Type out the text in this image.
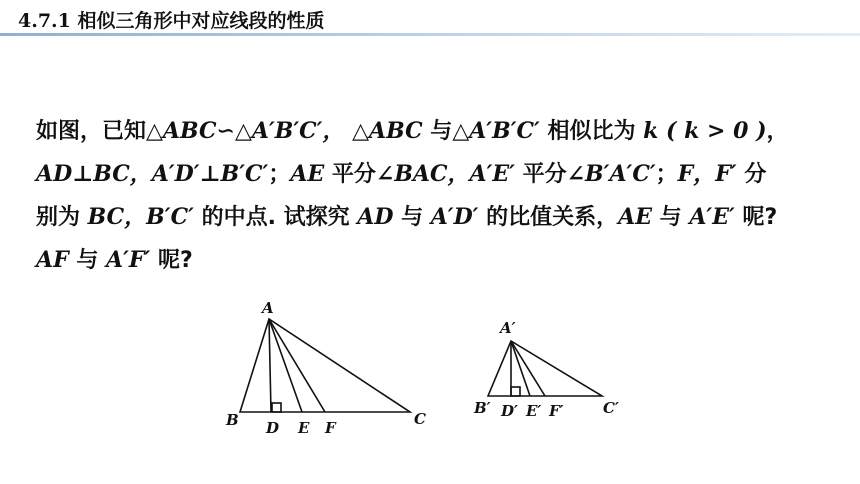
4.7.1 相似三角形中对应线段的性质
如图，已知△ABC∽△A′B′C′， △ABC 与△A′B′C′ 相似比为 k ( k > 0 )，
AD⊥BC，A′D′⊥B′C′；AE 平分∠BAC，A′E′ 平分∠B′A′C′；F，F′ 分
别为 BC，B′C′ 的中点. 试探究 AD 与 A′D′ 的比值关系，AE 与 A′E′ 呢?
AF 与 A′F′ 呢?
A
B	C
D E F
A′
B′	C′
D′ E′ F′
